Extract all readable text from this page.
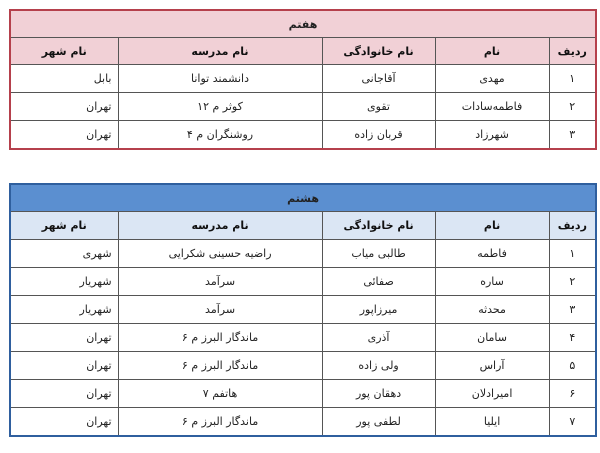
هفتم				
ردیف	نام	نام خانوادگی	نام مدرسه	نام شهر
۱	مهدی	آقاجانی	دانشمند توانا	بابل
۲	فاطمه‌سادات	تقوی	کوثر م ۱۲	تهران
۳	شهرزاد	قربان زاده	روشنگران م ۴	تهران
هشتم				
ردیف	نام	نام خانوادگی	نام مدرسه	نام شهر
۱	فاطمه	طالبی میاب	راضیه حسینی شکرایی	شهری
۲	ساره	صفائی	سرآمد	شهریار
۳	محدثه	میرزاپور	سرآمد	شهریار
۴	سامان	آذری	ماندگار البرز م ۶	تهران
۵	آراس	ولی زاده	ماندگار البرز م ۶	تهران
۶	امیرادلان	دهقان پور	هاتفم ۷	تهران
۷	ایلیا	لطفی پور	ماندگار البرز م ۶	تهران
